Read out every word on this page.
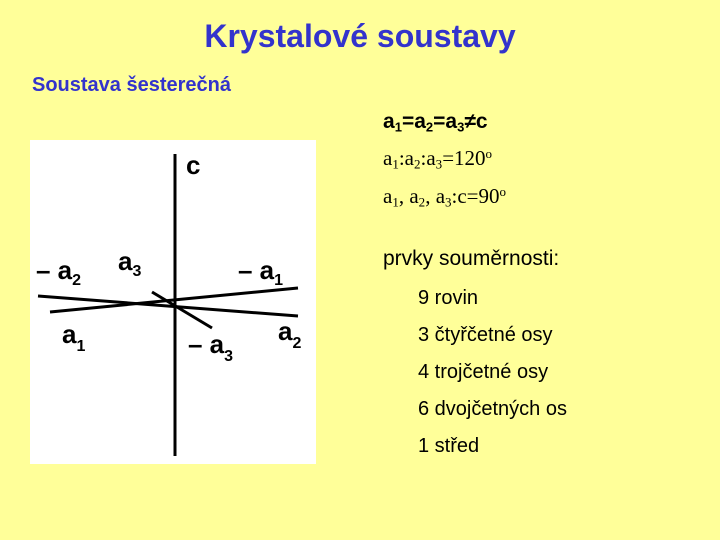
Krystalové soustavy
Soustava šesterečná
c
$a_3$
– $a_2$	– $a_1$
$a_1$
$a_2$
– $a_3$
$a_1=a_2=a_3\ne c$
$a_1:a_2:a_3=120^o$
$a_1$, $a_2$, $a_3:c=90^o$
prvky souměrnosti:
9 rovin
3 čtyřčetné osy
4 trojčetné osy
6 dvojčetných os
1 střed
